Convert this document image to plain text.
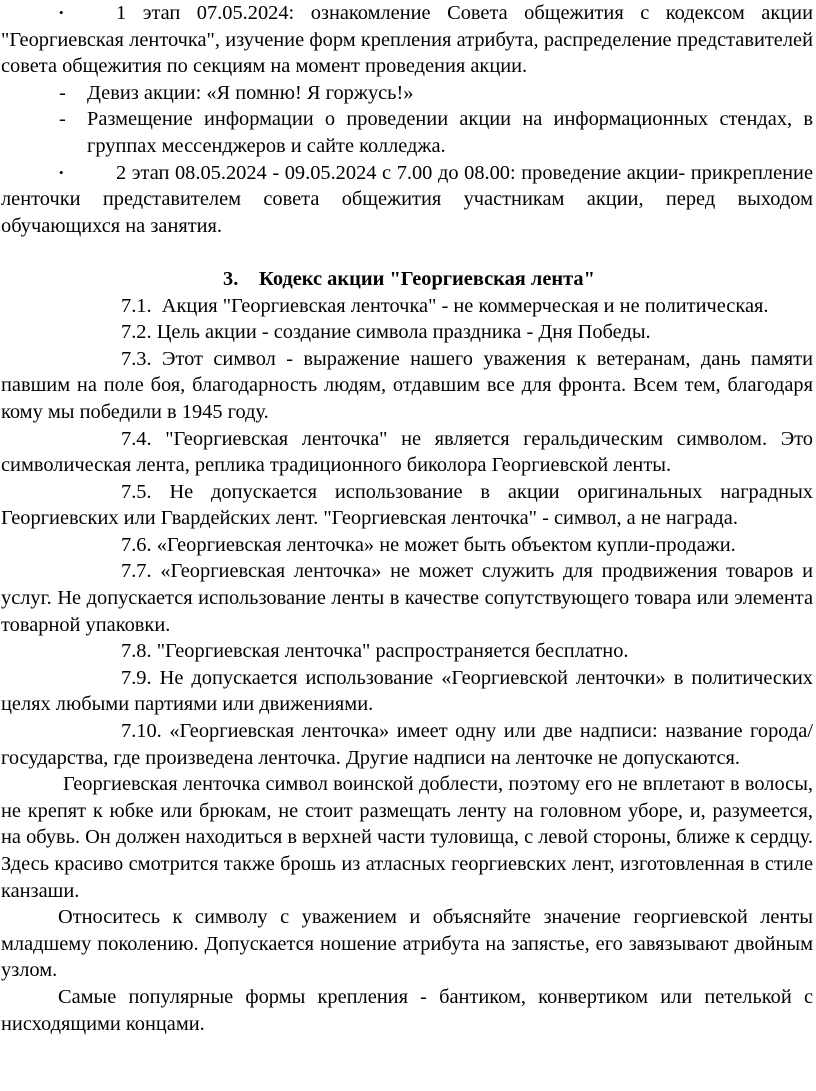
•	1 этап 07.05.2024: ознакомление Совета общежития с кодексом акции "Георгиевская ленточка", изучение форм крепления атрибута, распределение представителей совета общежития по секциям на момент проведения акции.

- Девиз акции: «Я помню! Я горжусь!»

- Размещение информации о проведении акции на информационных стендах, в группах мессенджеров и сайте колледжа.

•	2 этап 08.05.2024 - 09.05.2024 с 7.00 до 08.00: проведение акции- прикрепление ленточки представителем совета общежития участникам акции, перед выходом обучающихся на занятия.

3. Кодекс акции "Георгиевская лента"

7.1. Акция "Георгиевская ленточка" - не коммерческая и не политическая.

7.2. Цель акции - создание символа праздника - Дня Победы.

7.3. Этот символ - выражение нашего уважения к ветеранам, дань памяти павшим на поле боя, благодарность людям, отдавшим все для фронта. Всем тем, благодаря кому мы победили в 1945 году.

7.4. "Георгиевская ленточка" не является геральдическим символом. Это символическая лента, реплика традиционного биколора Георгиевской ленты.

7.5. Не допускается использование в акции оригинальных наградных Георгиевских или Гвардейских лент. "Георгиевская ленточка" - символ, а не награда.

7.6. «Георгиевская ленточка» не может быть объектом купли-продажи.

7.7. «Георгиевская ленточка» не может служить для продвижения товаров и услуг. Не допускается использование ленты в качестве сопутствующего товара или элемента товарной упаковки.

7.8. "Георгиевская ленточка" распространяется бесплатно.

7.9. Не допускается использование «Георгиевской ленточки» в политических целях любыми партиями или движениями.

7.10. «Георгиевская ленточка» имеет одну или две надписи: название города/государства, где произведена ленточка. Другие надписи на ленточке не допускаются.

Георгиевская ленточка символ воинской доблести, поэтому его не вплетают в волосы, не крепят к юбке или брюкам, не стоит размещать ленту на головном уборе, и, разумеется, на обувь. Он должен находиться в верхней части туловища, с левой стороны, ближе к сердцу. Здесь красиво смотрится также брошь из атласных георгиевских лент, изготовленная в стиле канзаши.

Относитесь к символу с уважением и объясняйте значение георгиевской ленты младшему поколению. Допускается ношение атрибута на запястье, его завязывают двойным узлом.

Самые популярные формы крепления - бантиком, конвертиком или петелькой с нисходящими концами.
